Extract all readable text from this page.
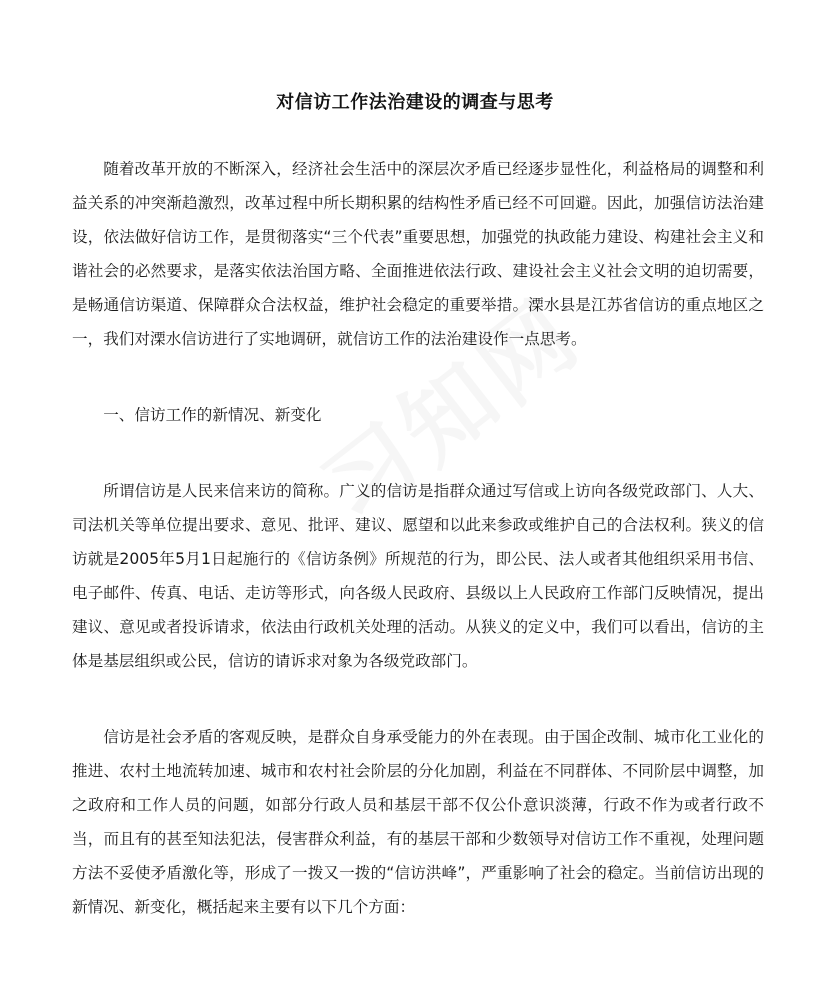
对信访工作法治建设的调查与思考

随着改革开放的不断深入，经济社会生活中的深层次矛盾已经逐步显性化，利益格局的调整和利益关系的冲突渐趋激烈，改革过程中所长期积累的结构性矛盾已经不可回避。因此，加强信访法治建设，依法做好信访工作，是贯彻落实“三个代表”重要思想，加强党的执政能力建设、构建社会主义和谐社会的必然要求，是落实依法治国方略、全面推进依法行政、建设社会主义社会文明的迫切需要，是畅通信访渠道、保障群众合法权益，维护社会稳定的重要举措。溧水县是江苏省信访的重点地区之一，我们对溧水信访进行了实地调研，就信访工作的法治建设作一点思考。

一、信访工作的新情况、新变化

所谓信访是人民来信来访的简称。广义的信访是指群众通过写信或上访向各级党政部门、人大、司法机关等单位提出要求、意见、批评、建议、愿望和以此来参政或维护自己的合法权利。狭义的信访就是2005年5月1日起施行的《信访条例》所规范的行为，即公民、法人或者其他组织采用书信、电子邮件、传真、电话、走访等形式，向各级人民政府、县级以上人民政府工作部门反映情况，提出建议、意见或者投诉请求，依法由行政机关处理的活动。从狭义的定义中，我们可以看出，信访的主体是基层组织或公民，信访的请诉求对象为各级党政部门。

信访是社会矛盾的客观反映，是群众自身承受能力的外在表现。由于国企改制、城市化工业化的推进、农村土地流转加速、城市和农村社会阶层的分化加剧，利益在不同群体、不同阶层中调整，加之政府和工作人员的问题，如部分行政人员和基层干部不仅公仆意识淡薄，行政不作为或者行政不当，而且有的甚至知法犯法，侵害群众利益，有的基层干部和少数领导对信访工作不重视，处理问题方法不妥使矛盾激化等，形成了一拨又一拨的“信访洪峰”，严重影响了社会的稳定。当前信访出现的新情况、新变化，概括起来主要有以下几个方面：
